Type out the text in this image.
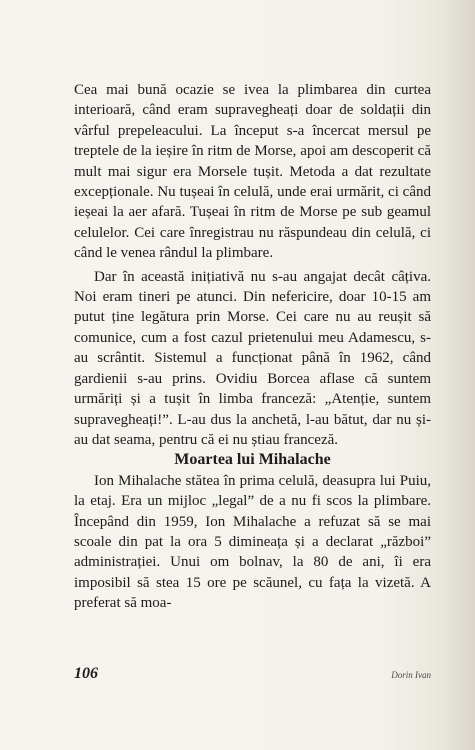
Cea mai bună ocazie se ivea la plimbarea din curtea interioară, când eram supravegheați doar de soldații din vârful prepeleacului. La început s-a încercat mersul pe treptele de la ieșire în ritm de Morse, apoi am descoperit că mult mai sigur era Morsele tușit. Metoda a dat rezultate excepționale. Nu tușeai în celulă, unde erai urmărit, ci când ieșeai la aer afară. Tușeai în ritm de Morse pe sub geamul celulelor. Cei care înregistrau nu răspundeau din celulă, ci când le venea rândul la plimbare.

Dar în această inițiativă nu s-au angajat decât câțiva. Noi eram tineri pe atunci. Din nefericire, doar 10-15 am putut ține legătura prin Morse. Cei care nu au reușit să comunice, cum a fost cazul prietenului meu Adamescu, s-au scrântit. Sistemul a funcționat până în 1962, când gardienii s-au prins. Ovidiu Borcea aflase că suntem urmăriți și a tușit în limba franceză: „Atenție, suntem supravegheați!”. L-au dus la anchetă, l-au bătut, dar nu și-au dat seama, pentru că ei nu știau franceză.

Moartea lui Mihalache

Ion Mihalache stătea în prima celulă, deasupra lui Puiu, la etaj. Era un mijloc „legal” de a nu fi scos la plimbare. Începând din 1959, Ion Mihalache a refuzat să se mai scoale din pat la ora 5 dimineața și a declarat „război” administrației. Unui om bolnav, la 80 de ani, îi era imposibil să stea 15 ore pe scăunel, cu fața la vizetă. A preferat să moa-

106	Dorin Ivan
